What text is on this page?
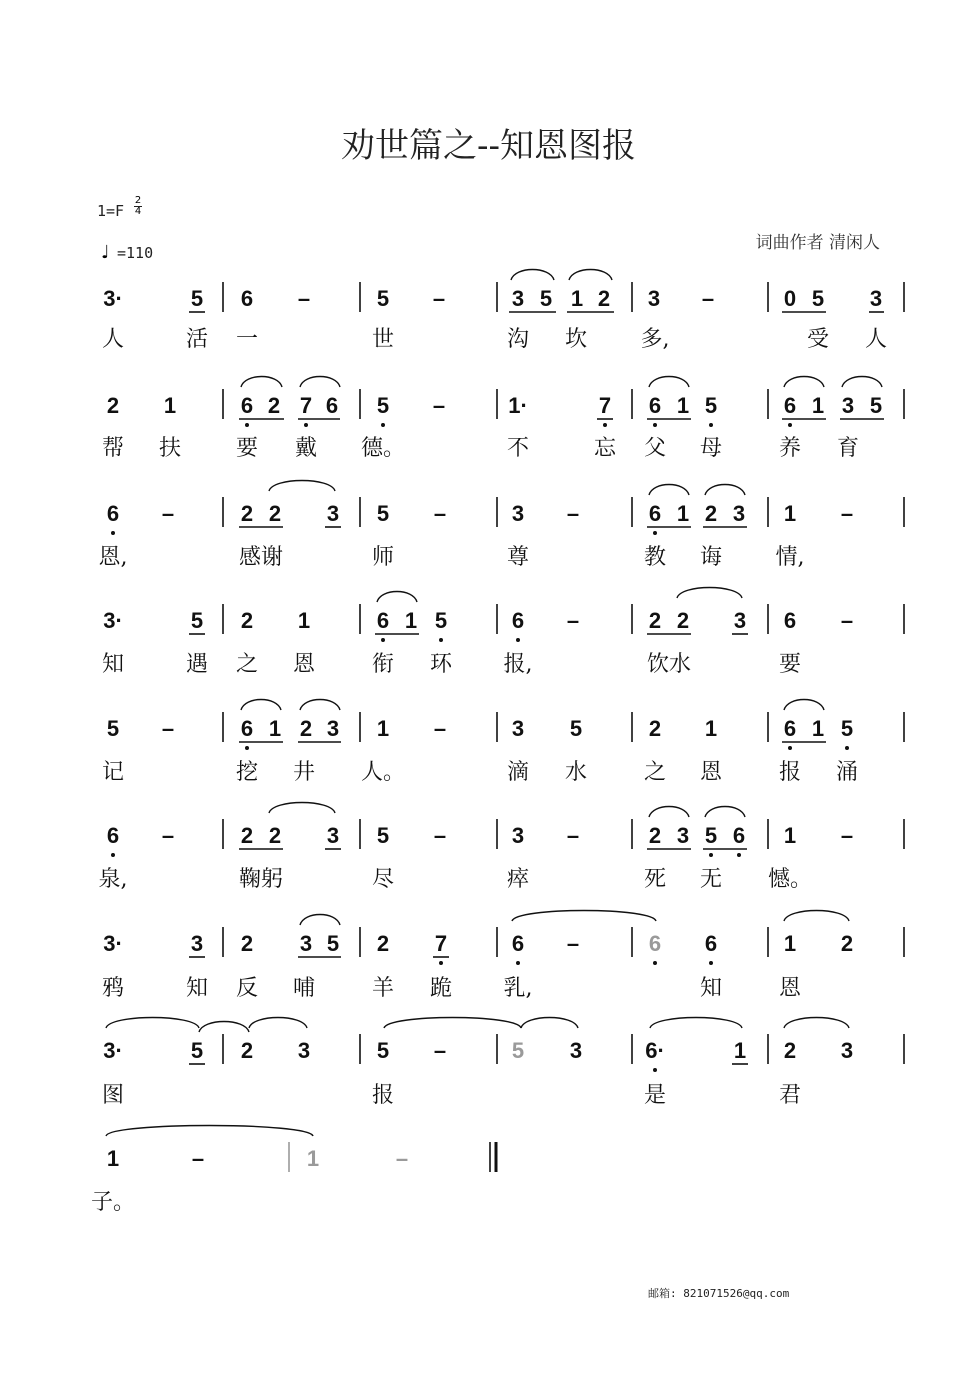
劝世篇之--知恩图报
1=F
2
4
♩ =110	词曲作者 清闲人
3·	5 6 –	5 –	3 5 1 2 3 –	0 5 3
人	活 一	世	沟 坎 多,	受 人
2 1	6 2 7 6 5 –	1·	7 6 1 5	6 1 3 5
帮 扶 要 戴 德。	不	忘 父 母	养 育
6 –	2 2 3 5 –	3 –	6 1 2 3 1 –
恩,	感谢	师	尊	教 诲 情,
3·	5 2 1	6 1 5	6 –	2 2 3 6 –
知	遇 之 恩	衔 环 报,	饮水	要
5 –	6 1 2 3 1 –	3 5	2 1	6 1 5
记	挖 井 人。	滴 水	之 恩	报 涌
6 –	2 2 3 5 –	3 –	2 3 5 6 1 –
泉,	鞠躬	尽	瘁	死 无 憾。
3·	3 2 3 5 2 7	6 –	6 6	1 2
鸦	知 反 哺	羊 跪 乳,	知	恩
3·	5 2 3	5 –	5 3	6·	1 2 3
图	报	是	君
1	–	1	–
子。
邮箱: 821071526@qq.com
